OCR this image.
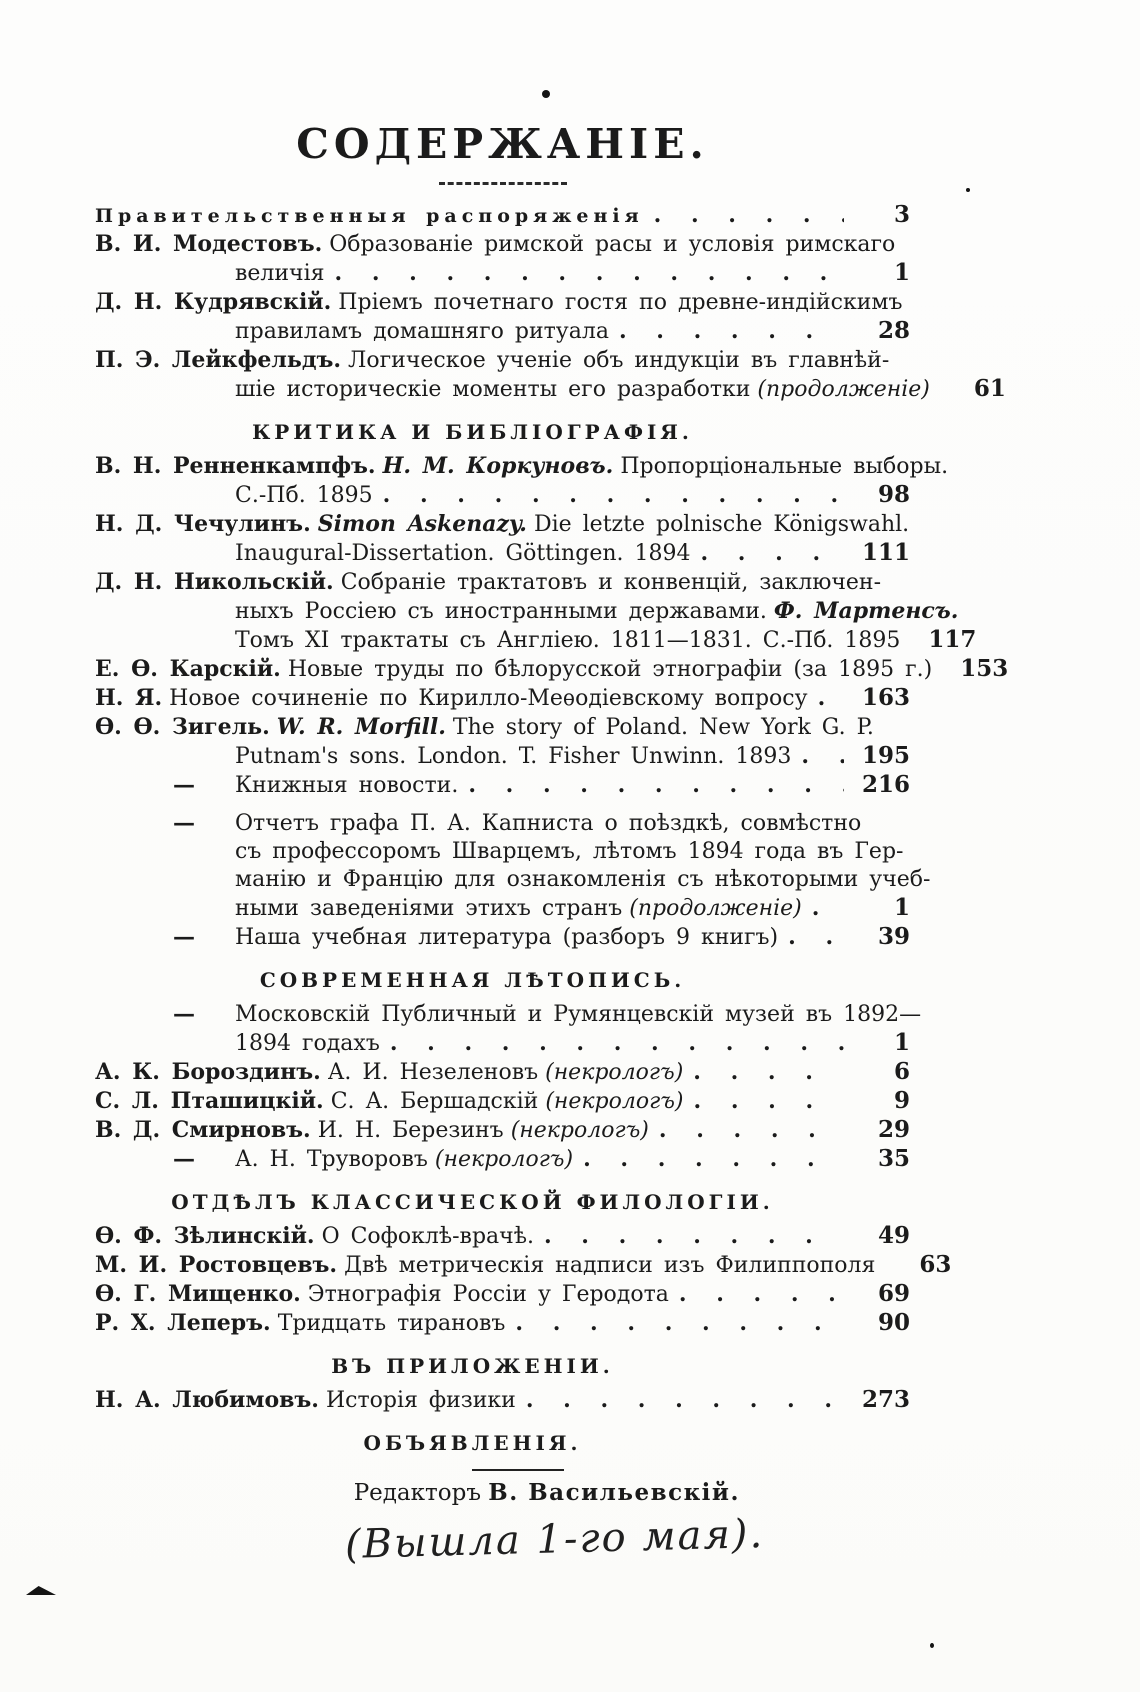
СОДЕРЖАНІЕ.
Правительственныя распоряженія . . .	3
В. И. Модестовъ. Образованіе римской расы и условія римскаго
величія . . .	1
Д. Н. Кудрявскій. Пріемъ почетнаго гостя по древне-индійскимъ
правиламъ домашняго ритуала . . .	28
П. Э. Лейкфельдъ. Логическое ученіе объ индукціи въ главнѣй-
шіе историческіе моменты его разработки (продолженіе)	61
КРИТИКА И БИБЛІОГРАФІЯ.
В. Н. Ренненкампфъ. Н. М. Коркуновъ. Пропорціональные выборы.
С.-Пб. 1895 . . .	98
Н. Д. Чечулинъ. Simon Askenazy. Die letzte polnische Königswahl.
Inaugural-Dissertation. Göttingen. 1894 . . .	111
Д. Н. Никольскій. Собраніе трактатовъ и конвенцій, заключен-
ныхъ Россіею съ иностранными державами. Ф. Мартенсъ.
Томъ XI трактаты съ Англіею. 1811—1831. С.-Пб. 1895	117
Е. Ѳ. Карскій. Новые труды по бѣлорусской этнографіи (за 1895 г.)	153
Н. Я. Новое сочиненіе по Кирилло-Меѳодіевскому вопросу . . .	163
Ѳ. Ѳ. Зигель. W. R. Morfill. The story of Poland. New York G. P.
Putnam's sons. London. T. Fisher Unwinn. 1893 . . .	195
—	Книжныя новости. . . .	216
—	Отчетъ графа П. А. Капниста о поѣздкѣ, совмѣстно
съ профессоромъ Шварцемъ, лѣтомъ 1894 года въ Гер-
манію и Францію для ознакомленія съ нѣкоторыми учеб-
ными заведеніями этихъ странъ (продолженіе) . . .	1
—	Наша учебная литература (разборъ 9 книгъ) . . .	39
СОВРЕМЕННАЯ ЛѢТОПИСЬ.
—	Московскій Публичный и Румянцевскій музей въ 1892—
1894 годахъ . . .	1
А. К. Бороздинъ. А. И. Незеленовъ (некрологъ) . . .	6
С. Л. Пташицкій. С. А. Бершадскій (некрологъ) . . .	9
В. Д. Смирновъ. И. Н. Березинъ (некрологъ) . . .	29
—	А. Н. Труворовъ (некрологъ) . . .	35
ОТДѢЛЪ КЛАССИЧЕСКОЙ ФИЛОЛОГІИ.
Ѳ. Ф. Зѣлинскій. О Софоклѣ-врачѣ. . . .	49
М. И. Ростовцевъ. Двѣ метрическія надписи изъ Филиппополя	63
Ѳ. Г. Мищенко. Этнографія Россіи у Геродота . . .	69
Р. Х. Леперъ. Тридцать тирановъ . . .	90
ВЪ ПРИЛОЖЕНІИ.
Н. А. Любимовъ. Исторія физики . . .	273
ОБЪЯВЛЕНІЯ.
Редакторъ В. Васильевскій.
(Вышла 1-го мая).
